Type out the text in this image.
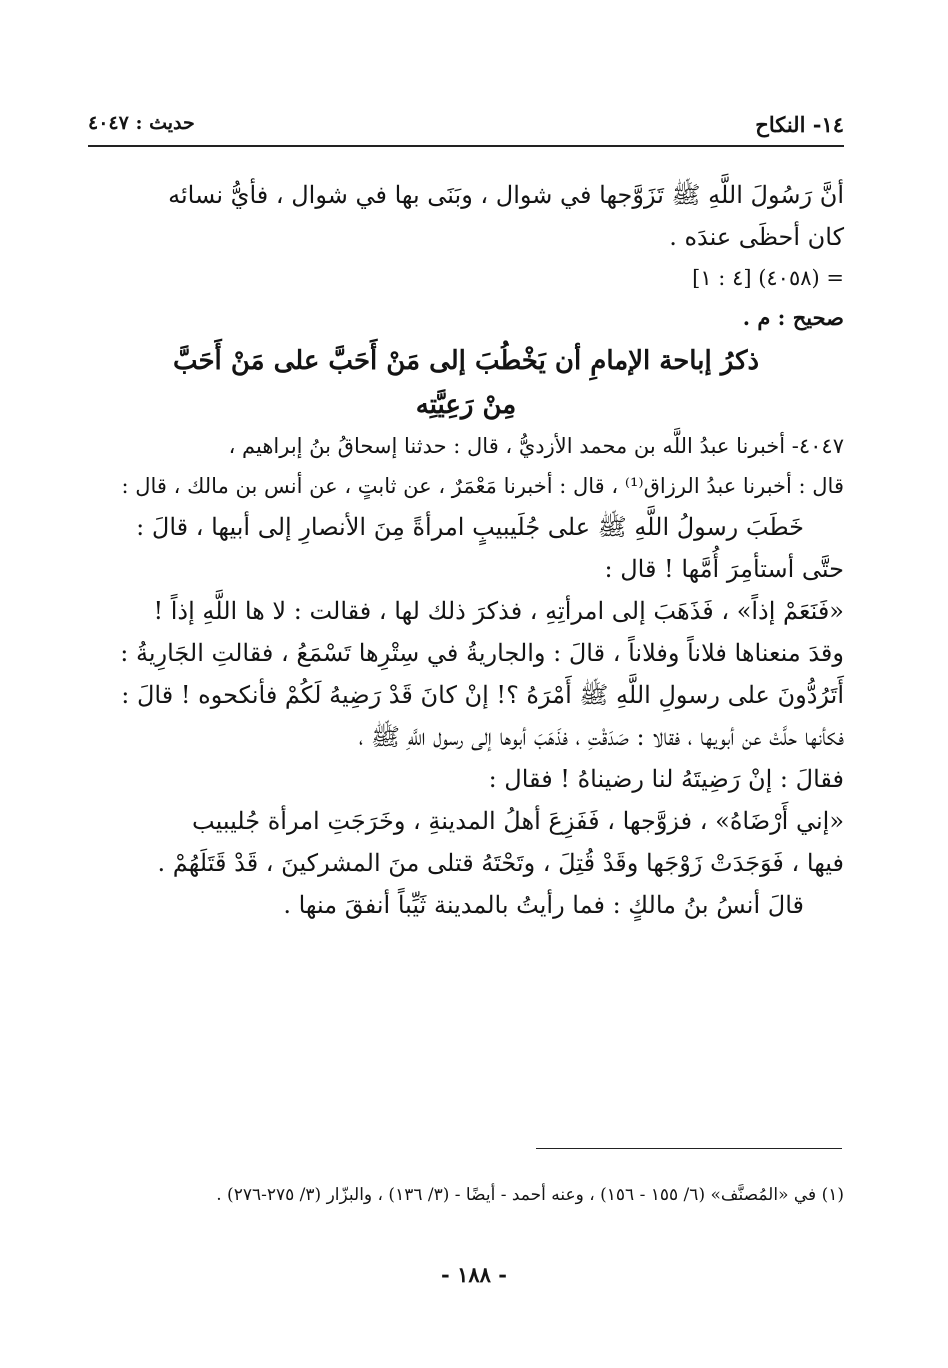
١٤- النكاح
حديث : ٤٠٤٧
أنَّ رَسُولَ اللَّهِ ﷺ تَزَوَّجها في شوال ، وبَنَى بها في شوال ، فأيُّ نسائه
كان أحظَى عندَه .
= (٤٠٥٨) [٤ : ١]
صحيح : م .
ذكرُ إباحة الإمامِ أن يَخْطُبَ إلى مَنْ أَحَبَّ على مَنْ أَحَبَّ
مِنْ رَعِيَّتِه
٤٠٤٧- أخبرنا عبدُ اللَّه بن محمد الأزديُّ ، قال : حدثنا إسحاقُ بنُ إبراهيم ،
قال : أخبرنا عبدُ الرزاق⁽¹⁾ ، قال : أخبرنا مَعْمَرٌ ، عن ثابتٍ ، عن أنس بن مالك ، قال :
خَطَبَ رسولُ اللَّهِ ﷺ على جُلَيبيبٍ امرأةً مِنَ الأنصارِ إلى أبيها ، قالَ :
حتَّى أستأمِرَ أُمَّها ! قال :
«فَنَعَمْ إذاً» ، فَذَهَبَ إلى امرأتِهِ ، فذكرَ ذلك لها ، فقالت : لا ها اللَّهِ إذاً !
وقدَ منعناها فلاناً وفلاناً ، قالَ : والجاريةُ في سِتْرِها تَسْمَعُ ، فقالتِ الجَارِيةُ :
أَتَرُدُّونَ على رسولِ اللَّهِ ﷺ أَمْرَهُ ؟! إنْ كانَ قَدْ رَضِيهُ لَكُمْ فأنكحوه ! قالَ :
فكأنها حلَّتْ عن أبويها ، فقالا : صَدَقْتِ ، فذَهَبَ أبوها إلى رسول اللَّهِ ﷺ ،
فقالَ : إنْ رَضِيتَهُ لنا رضيناهُ ! فقال :
«إني أَرْضَاهُ» ، فزوَّجها ، فَفَزِعَ أهلُ المدينةِ ، وخَرَجَتِ امرأة جُليبيب
فيها ، فَوَجَدَتْ زَوْجَها وقَدْ قُتِلَ ، وتَحْتَهُ قتلى منَ المشركينَ ، قَدْ قَتَلَهُمْ .
قالَ أنسُ بنُ مالكٍ : فما رأيتُ بالمدينة ثَيِّباً أنفقَ منها .
(١) في «المُصنَّف» (٦/ ١٥٥ - ١٥٦) ، وعنه أحمد - أيضًا - (٣/ ١٣٦) ، والبزّار (٣/ ٢٧٥-٢٧٦) .
- ١٨٨ -
